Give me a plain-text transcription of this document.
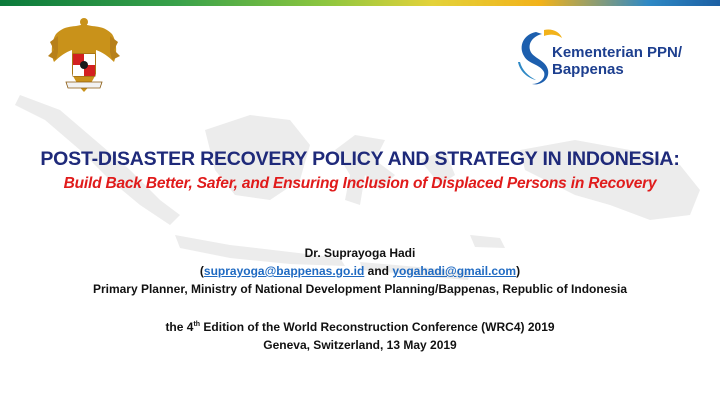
Kementerian PPN/
Bappenas
POST-DISASTER RECOVERY POLICY AND STRATEGY IN INDONESIA:
Build Back Better, Safer, and Ensuring Inclusion of Displaced Persons in Recovery
Dr. Suprayoga Hadi
(suprayoga@bappenas.go.id and yogahadi@gmail.com)
Primary Planner, Ministry of National Development Planning/Bappenas, Republic of Indonesia
the 4th Edition of the World Reconstruction Conference (WRC4) 2019
Geneva, Switzerland, 13 May 2019
